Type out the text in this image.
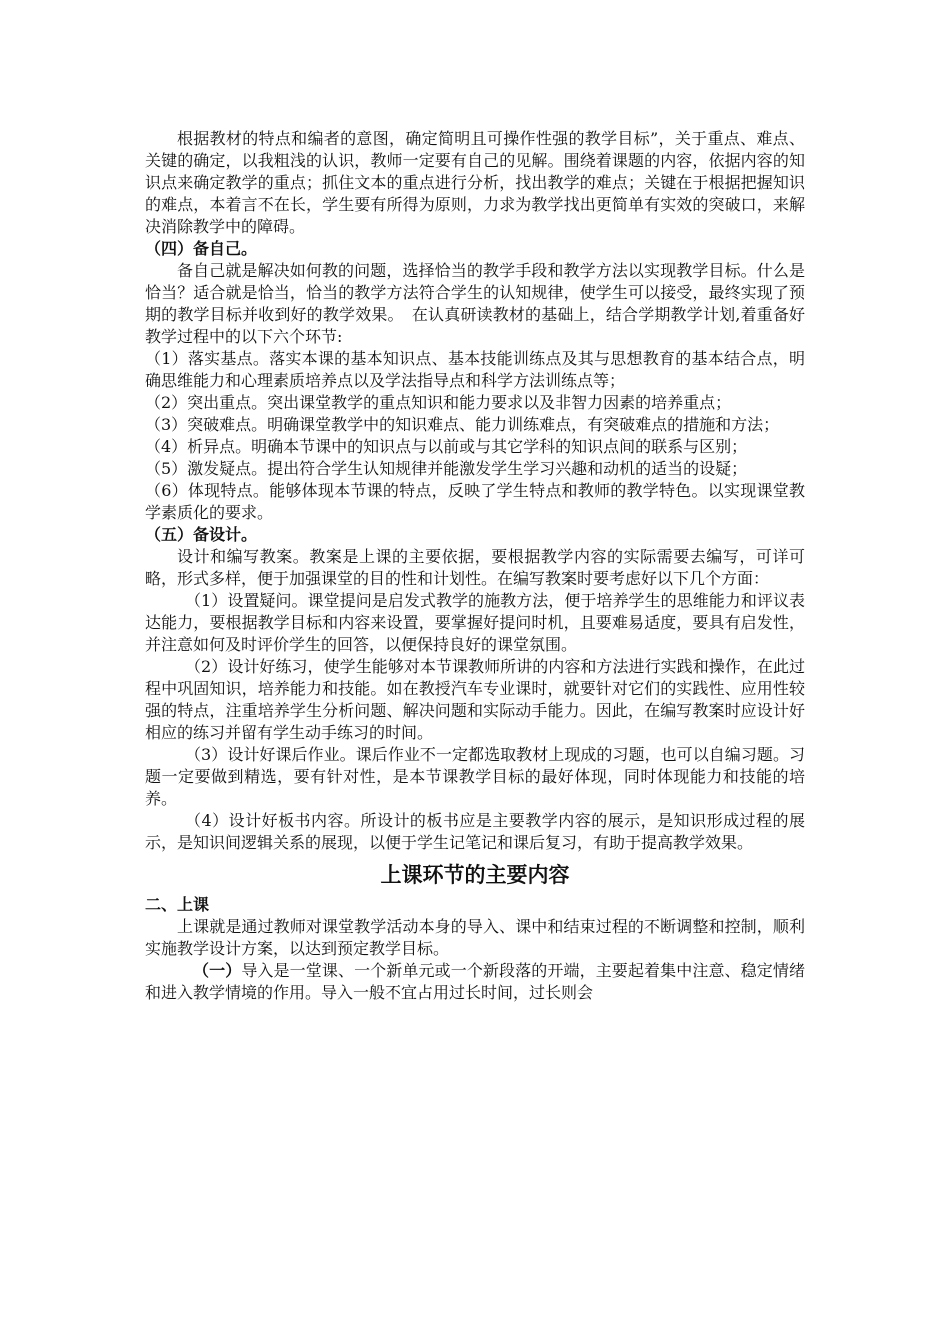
根据教材的特点和编者的意图，确定简明且可操作性强的教学目标”，关于重点、难点、关键的确定，以我粗浅的认识，教师一定要有自己的见解。围绕着课题的内容，依据内容的知识点来确定教学的重点；抓住文本的重点进行分析，找出教学的难点；关键在于根据把握知识的难点，本着言不在长，学生要有所得为原则，力求为教学找出更简单有实效的突破口，来解决消除教学中的障碍。

（四）备自己。

备自己就是解决如何教的问题，选择恰当的教学手段和教学方法以实现教学目标。什么是恰当？适合就是恰当，恰当的教学方法符合学生的认知规律，使学生可以接受，最终实现了预期的教学目标并收到好的教学效果。　在认真研读教材的基础上，结合学期教学计划,着重备好教学过程中的以下六个环节:

（1）落实基点。落实本课的基本知识点、基本技能训练点及其与思想教育的基本结合点，明确思维能力和心理素质培养点以及学法指导点和科学方法训练点等；

（2）突出重点。突出课堂教学的重点知识和能力要求以及非智力因素的培养重点；

（3）突破难点。明确课堂教学中的知识难点、能力训练难点，有突破难点的措施和方法；

（4）析异点。明确本节课中的知识点与以前或与其它学科的知识点间的联系与区别；

（5）激发疑点。提出符合学生认知规律并能激发学生学习兴趣和动机的适当的设疑；

（6）体现特点。能够体现本节课的特点，反映了学生特点和教师的教学特色。以实现课堂教学素质化的要求。

（五）备设计。

设计和编写教案。教案是上课的主要依据，要根据教学内容的实际需要去编写，可详可略，形式多样，便于加强课堂的目的性和计划性。在编写教案时要考虑好以下几个方面：

（1）设置疑问。课堂提问是启发式教学的施教方法，便于培养学生的思维能力和评议表达能力，要根据教学目标和内容来设置，要掌握好提问时机，且要难易适度，要具有启发性，并注意如何及时评价学生的回答，以便保持良好的课堂氛围。

（2）设计好练习，使学生能够对本节课教师所讲的内容和方法进行实践和操作，在此过程中巩固知识，培养能力和技能。如在教授汽车专业课时，就要针对它们的实践性、应用性较强的特点，注重培养学生分析问题、解决问题和实际动手能力。因此，在编写教案时应设计好相应的练习并留有学生动手练习的时间。

（3）设计好课后作业。课后作业不一定都选取教材上现成的习题，也可以自编习题。习题一定要做到精选，要有针对性，是本节课教学目标的最好体现，同时体现能力和技能的培养。

（4）设计好板书内容。所设计的板书应是主要教学内容的展示，是知识形成过程的展示，是知识间逻辑关系的展现，以便于学生记笔记和课后复习，有助于提高教学效果。

上课环节的主要内容

二、上课

上课就是通过教师对课堂教学活动本身的导入、课中和结束过程的不断调整和控制，顺利实施教学设计方案，以达到预定教学目标。

（一）导入是一堂课、一个新单元或一个新段落的开端，主要起着集中注意、稳定情绪和进入教学情境的作用。导入一般不宜占用过长时间，过长则会
